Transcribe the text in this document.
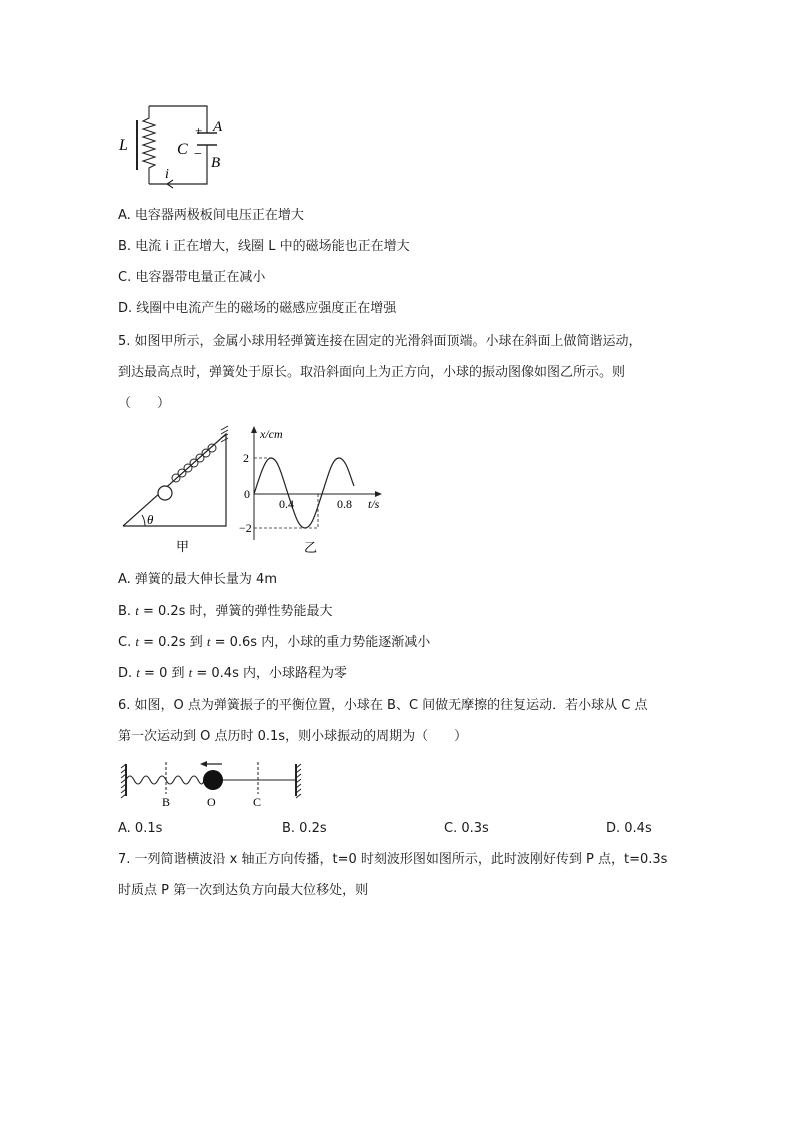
L	C
A
B
+
−
i
A. 电容器两极板间电压正在增大
B. 电流 i 正在增大，线圈 L 中的磁场能也正在增大
C. 电容器带电量正在减小
D. 线圈中电流产生的磁场的磁感应强度正在增强
5. 如图甲所示，金属小球用轻弹簧连接在固定的光滑斜面顶端。小球在斜面上做简谐运动，
到达最高点时，弹簧处于原长。取沿斜面向上为正方向，小球的振动图像如图乙所示。则
（　　）
θ
甲
x/cm
t/s
2
−2
0
0.4	0.8
乙
A. 弹簧的最大伸长量为 4m
B. t = 0.2s 时，弹簧的弹性势能最大
C. t = 0.2s 到 t = 0.6s 内，小球的重力势能逐渐减小
D. t = 0 到 t = 0.4s 内，小球路程为零
6. 如图，O 点为弹簧振子的平衡位置，小球在 B、C 间做无摩擦的往复运动．若小球从 C 点
第一次运动到 O 点历时 0.1s，则小球振动的周期为（　　）
B	O	C
A. 0.1s	B. 0.2s	C. 0.3s	D. 0.4s
7. 一列简谐横波沿 x 轴正方向传播，t=0 时刻波形图如图所示，此时波刚好传到 P 点，t=0.3s
时质点 P 第一次到达负方向最大位移处，则
